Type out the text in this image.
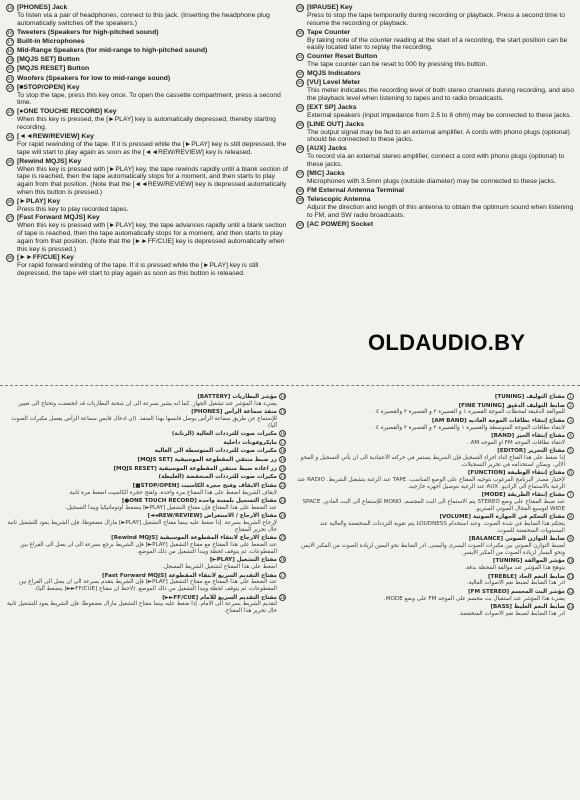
15 [PHONES] Jack
To listen via a pair of headphones, connect to this jack. (Inserting the headphone plug automatically switches off the speakers.)
16 Tweeters (Speakers for high-pitched sound)
17 Built-in Microphones
18 Mid-Range Speakers (for mid-range to high-pitched sound)
19 [MQJS SET] Button
20 [MQJS RESET] Button
21 Woofers (Speakers for low to mid-range sound)
22 [■STOP/OPEN] Key
To stop the tape, press this key once. To open the cassette compartment, press a second time.
23 [●ONE TOUCHE RECORD] Key
When this key is pressed, the [►PLAY] key is automatically depressed, thereby starting recording.
24 [◄◄REW/REVIEW] Key
For rapid rewinding of the tape. If it is pressed while the [►PLAY] key is still depressed, the tape will start to play again as soon as the [◄◄REW/REVIEW] key is released.
25 [Rewind MQJS] Key
When this key is pressed with [►PLAY] key, the tape rewinds rapidly until a blank section of tape is reached, then the tape automatically stops for a moment, and then starts to play again from that position. (Note that the [◄◄REW/REVIEW] key is depressed automatically when this button is pressed.)
26 [►PLAY] Key
Press this key to play recorded tapes.
27 [Fast Forward MQJS] Key
When this key is pressed with [►PLAY] key, the tape advances rapidly until a blank section of tape is reached, then the tape automatically stops for a moment, and then starts to play again from that position. (Note that the [►►FF/CUE] key is depressed automatically when this key is pressed.)
28 [►►FF/CUE] Key
For rapid forward winding of the tape. If it is pressed while the [►PLAY] key is still depressed, the tape will start to play again as soon as this button is released.
29 [IIPAUSE] Key
Press to stop the tape temporarily during recording or playback. Press a second time to resume the recording or playback.
30 Tape Counter
By taking note of the counter reading at the start of a recording, the start position can be easily located later to replay the recording.
31 Counter Reset Button
The tape counter can be reset to 000 by pressing this button.
32 MQJS Indicators
33 [VU] Level Meter
This meter indicates the recording level of both stereo channels during recording, and also the playback level when listening to tapes and to radio broadcasts.
34 [EXT SP] Jacks
External speakers (input impedance from 2.5 to 8 ohm) may be connected to these jacks.
35 [LINE OUT] Jacks
The output signal may be fed to an external amplifier. A cords with phono plugs (optional) should be connected to these jacks.
36 [AUX] Jacks
To record via an external stereo amplifier, connect a cord with phono plugs (optional) to these jacks.
37 [MIC] Jacks
Microphones with 3.5mm plugs (outside diameter) may be connected to these jacks.
38 FM External Antenna Terminal
39 Telescopic Antenna
Adjust the direction and length of this antenna to obtain the optimum sound when listening to FM, and SW radio broadcasts.
40 [AC POWER] Socket
OLDAUDIO.BY
14مؤشر البطاريات [BATTERY]
يضيء هذا المؤشر عند تشغيل الجهاز. كما انه يشير بسرعة الى ان شحنة البطاريات قد انخفضت وتحتاج الى تغيير.
15منفذ سماعة الرأس [PHONES]
للإستماع عن طريق سماعة الرأس يوصل قابسها بهذا المنفذ. (ان ادخال قابس سماعة الرأس يفصل مكبرات الصوت آليا).
16مكبرات صوت للترددات العالية (الرنانة)
17مايكروفونات داخلية
18مكبرات صوت للترددات المتوسطة الى العالية
19زر ضبط منتقي المقطوعة الموسيقية [MQJS SET]
20زر اعادة ضبط منتقي المقطوعة الموسيقية [MQJS RESET]
21مكبرات صوت للترددات المنخفضة (الغليظة)
22مفتاح الايقاف وفتح حجرة الكاسيت [STOP/OPEN■]
لايقاف الشريط اضغط على هذا المفتاح مرة واحدة، ولفتح حجرة الكاسيت اضغط مرة ثانية.
23مفتاح التسجيل بلمسة واحدة [ONE TOUCH RECORD●]
عند الضغط على هذا المفتاح فإن مفتاح التشغيل [PLAY►] ينضغط أوتوماتيكيا ويبدأ التسجيل.
24مفتاح الارجاع / الاستعراض [REW/REVIEW◄◄]
لإرجاع الشريط بسرعة. إذا ضغط عليه بينما مفتاح التشغيل [PLAY►] مازال مضغوطا، فإن الشريط يعود للتشغيل ثانية حال تحرير المفتاح.
25مفتاح الارجاع لانتقاء المقطوعة الموسيقية [Rewind MQJS]
عند الضغط على هذا المفتاح مع مفتاح التشغيل [PLAY►] فإن الشريط يرجع بسرعة الى ان يصل الى الفراغ بين المقطوعات، ثم يتوقف لحظة ويبدأ التشغيل من ذلك الموضع.
26مفتاح التشغيل [PLAY►]
اضغط على هذا المفتاح لتشغيل الشريط المسجل.
27مفتاح التقديم السريع لانتقاء المقطوعة [Fast Forward MQJS]
عند الضغط على هذا المفتاح مع مفتاح التشغيل [PLAY►] فإن الشريط يتقدم بسرعة الى ان يصل الى الفراغ بين المقطوعات، ثم يتوقف لحظة ويبدأ التشغيل من ذلك الموضع. (لاحظ ان مفتاح [FF/CUE►►] ينضغط آليا).
28مفتاح التقديم السريع للامام [FF/CUE►►]
لتقديم الشريط بسرعة الى الامام. إذا ضغط عليه بينما مفتاح التشغيل مازال مضغوطا، فإن الشريط يعود للتشغيل ثانية حال تحرير هذا المفتاح.
1مفتاح التوليف [TUNING]
2ضابط التوليف الدقيق [FINE TUNING]
للموالفة الدقيقة لمحطات الموجة القصيرة ١ و القصيرة ٢ و القصيرة ٣ والقصيرة ٤ .
3مفتاح إنتقاء نطاقات الموجة العاديه [AM BAND]
لانتقاء نطاقات الموجة المتوسطة والقصيرة ١ والقصيرة ٢ و القصيرة ٣ والقصيرة ٤ .
4مفتاح إنتقاء الحيز [BAND]
لانتقاء نطاقات الموجه FM او الموجه AM .
5مفتاح التحرير [EDITOR]
إذا ضغط على هذا الفتاح اثناء اجراء التسجيل فإن الشريط يستمر في حركته الاعتيادية الى ان يأتي التسجيل و المحو الالي. ويمكن استخدامه في تحرير التسجيلات.
6مفتاح إنتقاء الوظيفة [FUNCTION]
لإختيار مصدر البرنامج المرغوب بتوجيه المفتاح على الوضع المناسب. TAPE عند الرغبة بتشغيل الشريط. RADIO عند الرغبة بالاستماع الى الراديو. AUX عند الرغبة بتوصيل اجهزه خارجيه.
7مفتاح إنتقاء الطريقة [MODE]
عند ضبط المفتاح على وضع STEREO يتم الاستماع الى البث المجسم. MONO للإستماع الى البث العادي. SPACE WIDE لتوسيع المجال الصوتي الستريو.
8مفتاح التحكم في الجهارة الصوتية [VOLUME]
يتحكم هذا الضابط في شدة الصوت. وعند استخدام LOUDNESS يتم تقوية الترددات المنخفضة والعالية عند المستويات المنخفضة للصوت.
9ضابط التوازن الصوتي [BALANCE]
لضبط التوازن الصوتي بين مكبرات الصوت اليسرى واليمنى. ادر الضابط نحو اليمين لزيادة الصوت من المكبر الايمن ونحو اليسار لزيادة الصوت من المكبر الايسر.
10مؤشر الموالفة [TUNING]
يتوهج هذا المؤشر عند موالفة المحطة بدقة.
11ضابط النغم الحاد [TREBLE]
ادر هذا الضابط لضبط نغم الاصوات العالية.
12مؤشر البث المجسم [FM STEREO]
يضيء هذا المؤشر عند استقبال بث مجسم على الموجه FM على وضع MODE.
13ضابط النغم الغليظ [BASS]
ادر هذا الضابط لضبط نغم الاصوات المنخفضة.
